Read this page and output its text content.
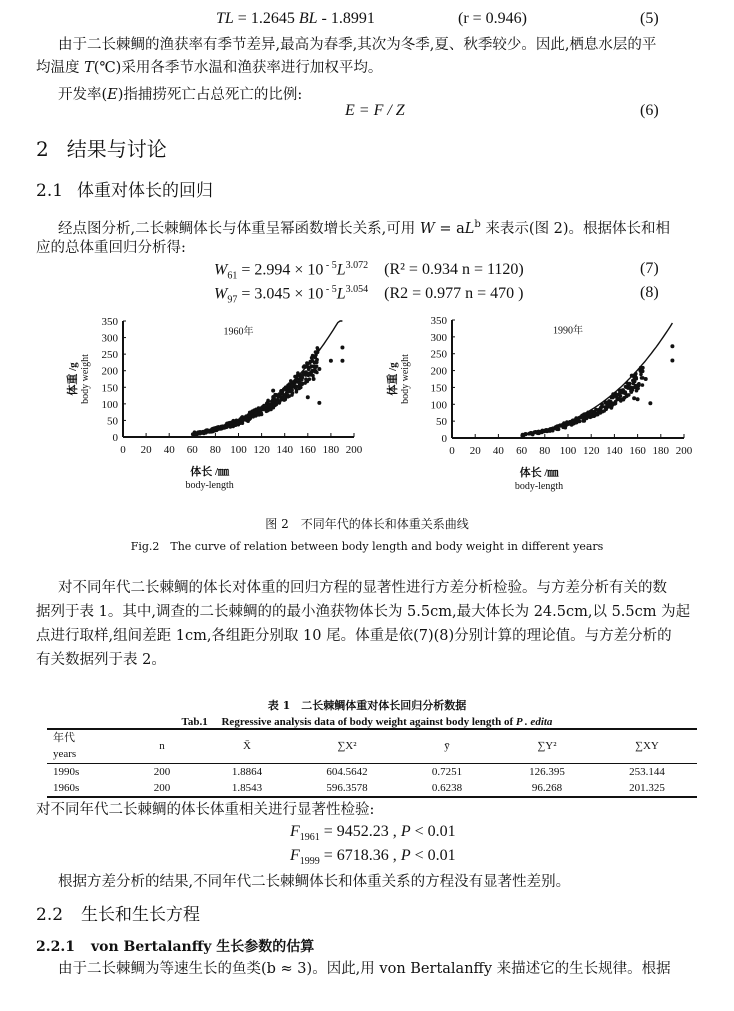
TL = 1.2645 BL - 1.8991	(r = 0.946)	(5)
由于二长棘鲷的渔获率有季节差异,最高为春季,其次为冬季,夏、秋季较少。因此,栖息水层的平
均温度 T(℃)采用各季节水温和渔获率进行加权平均。
开发率(E)指捕捞死亡占总死亡的比例:
E = F / Z	(6)
2 结果与讨论
2.1 体重对体长的回归
经点图分析,二长棘鲷体长与体重呈幂函数增长关系,可用 $W = aL^b$ 来表示(图 2)。根据体长和相
应的总体重回归分析得:
$W_{61} = 2.994 \times 10$ $^{- 5}L^{3.072}$ (R² = 0.934 n = 1120)	(7)
$W_{97} = 3.045 \times 10$ $^{- 5}L^{3.054}$ (R2 = 0.977 n = 470 )	(8)
0
50
100
150
200
250
300
350
0 20 40 60 80 100 120 140 160 180 200
1960年
体长 /㎜
body-length
体重 /g body weight
0
50
100
150
200
250
300
350
0 20 40 60 80 100 120 140 160 180 200
1990年
体长 /㎜
body-length
体重 /g body weight
图 2　不同年代的体长和体重关系曲线
Fig.2　The curve of relation between body length and body weight in different years
对不同年代二长棘鲷的体长对体重的回归方程的显著性进行方差分析检验。与方差分析有关的数
据列于表 1。其中,调查的二长棘鲷的的最小渔获物体长为 5.5cm,最大体长为 24.5cm,以 5.5cm 为起
点进行取样,组间差距 1cm,各组距分别取 10 尾。体重是依(7)(8)分别计算的理论值。与方差分析的
有关数据列于表 2。
表 1　二长棘鲷体重对体长回归分析数据
Tab.1　 Regressive analysis data of body weight against body length of P . edita
年代
years	n	X̄	∑X²	ȳ	∑Y²	∑XY
1990s	200	1.8864	604.5642	0.7251	126.395	253.144
1960s	200	1.8543	596.3578	0.6238	96.268	201.325
对不同年代二长棘鲷的体长体重相关进行显著性检验:
$F_{1961} = 9452.23$ , P < 0.01
$F_{1999} = 6718.36$ , P < 0.01
根据方差分析的结果,不同年代二长棘鲷体长和体重关系的方程没有显著性差别。
2.2 生长和生长方程
2.2.1 von Bertalanffy 生长参数的估算
由于二长棘鲷为等速生长的鱼类(b ≈ 3)。因此,用 von Bertalanffy 来描述它的生长规律。根据
